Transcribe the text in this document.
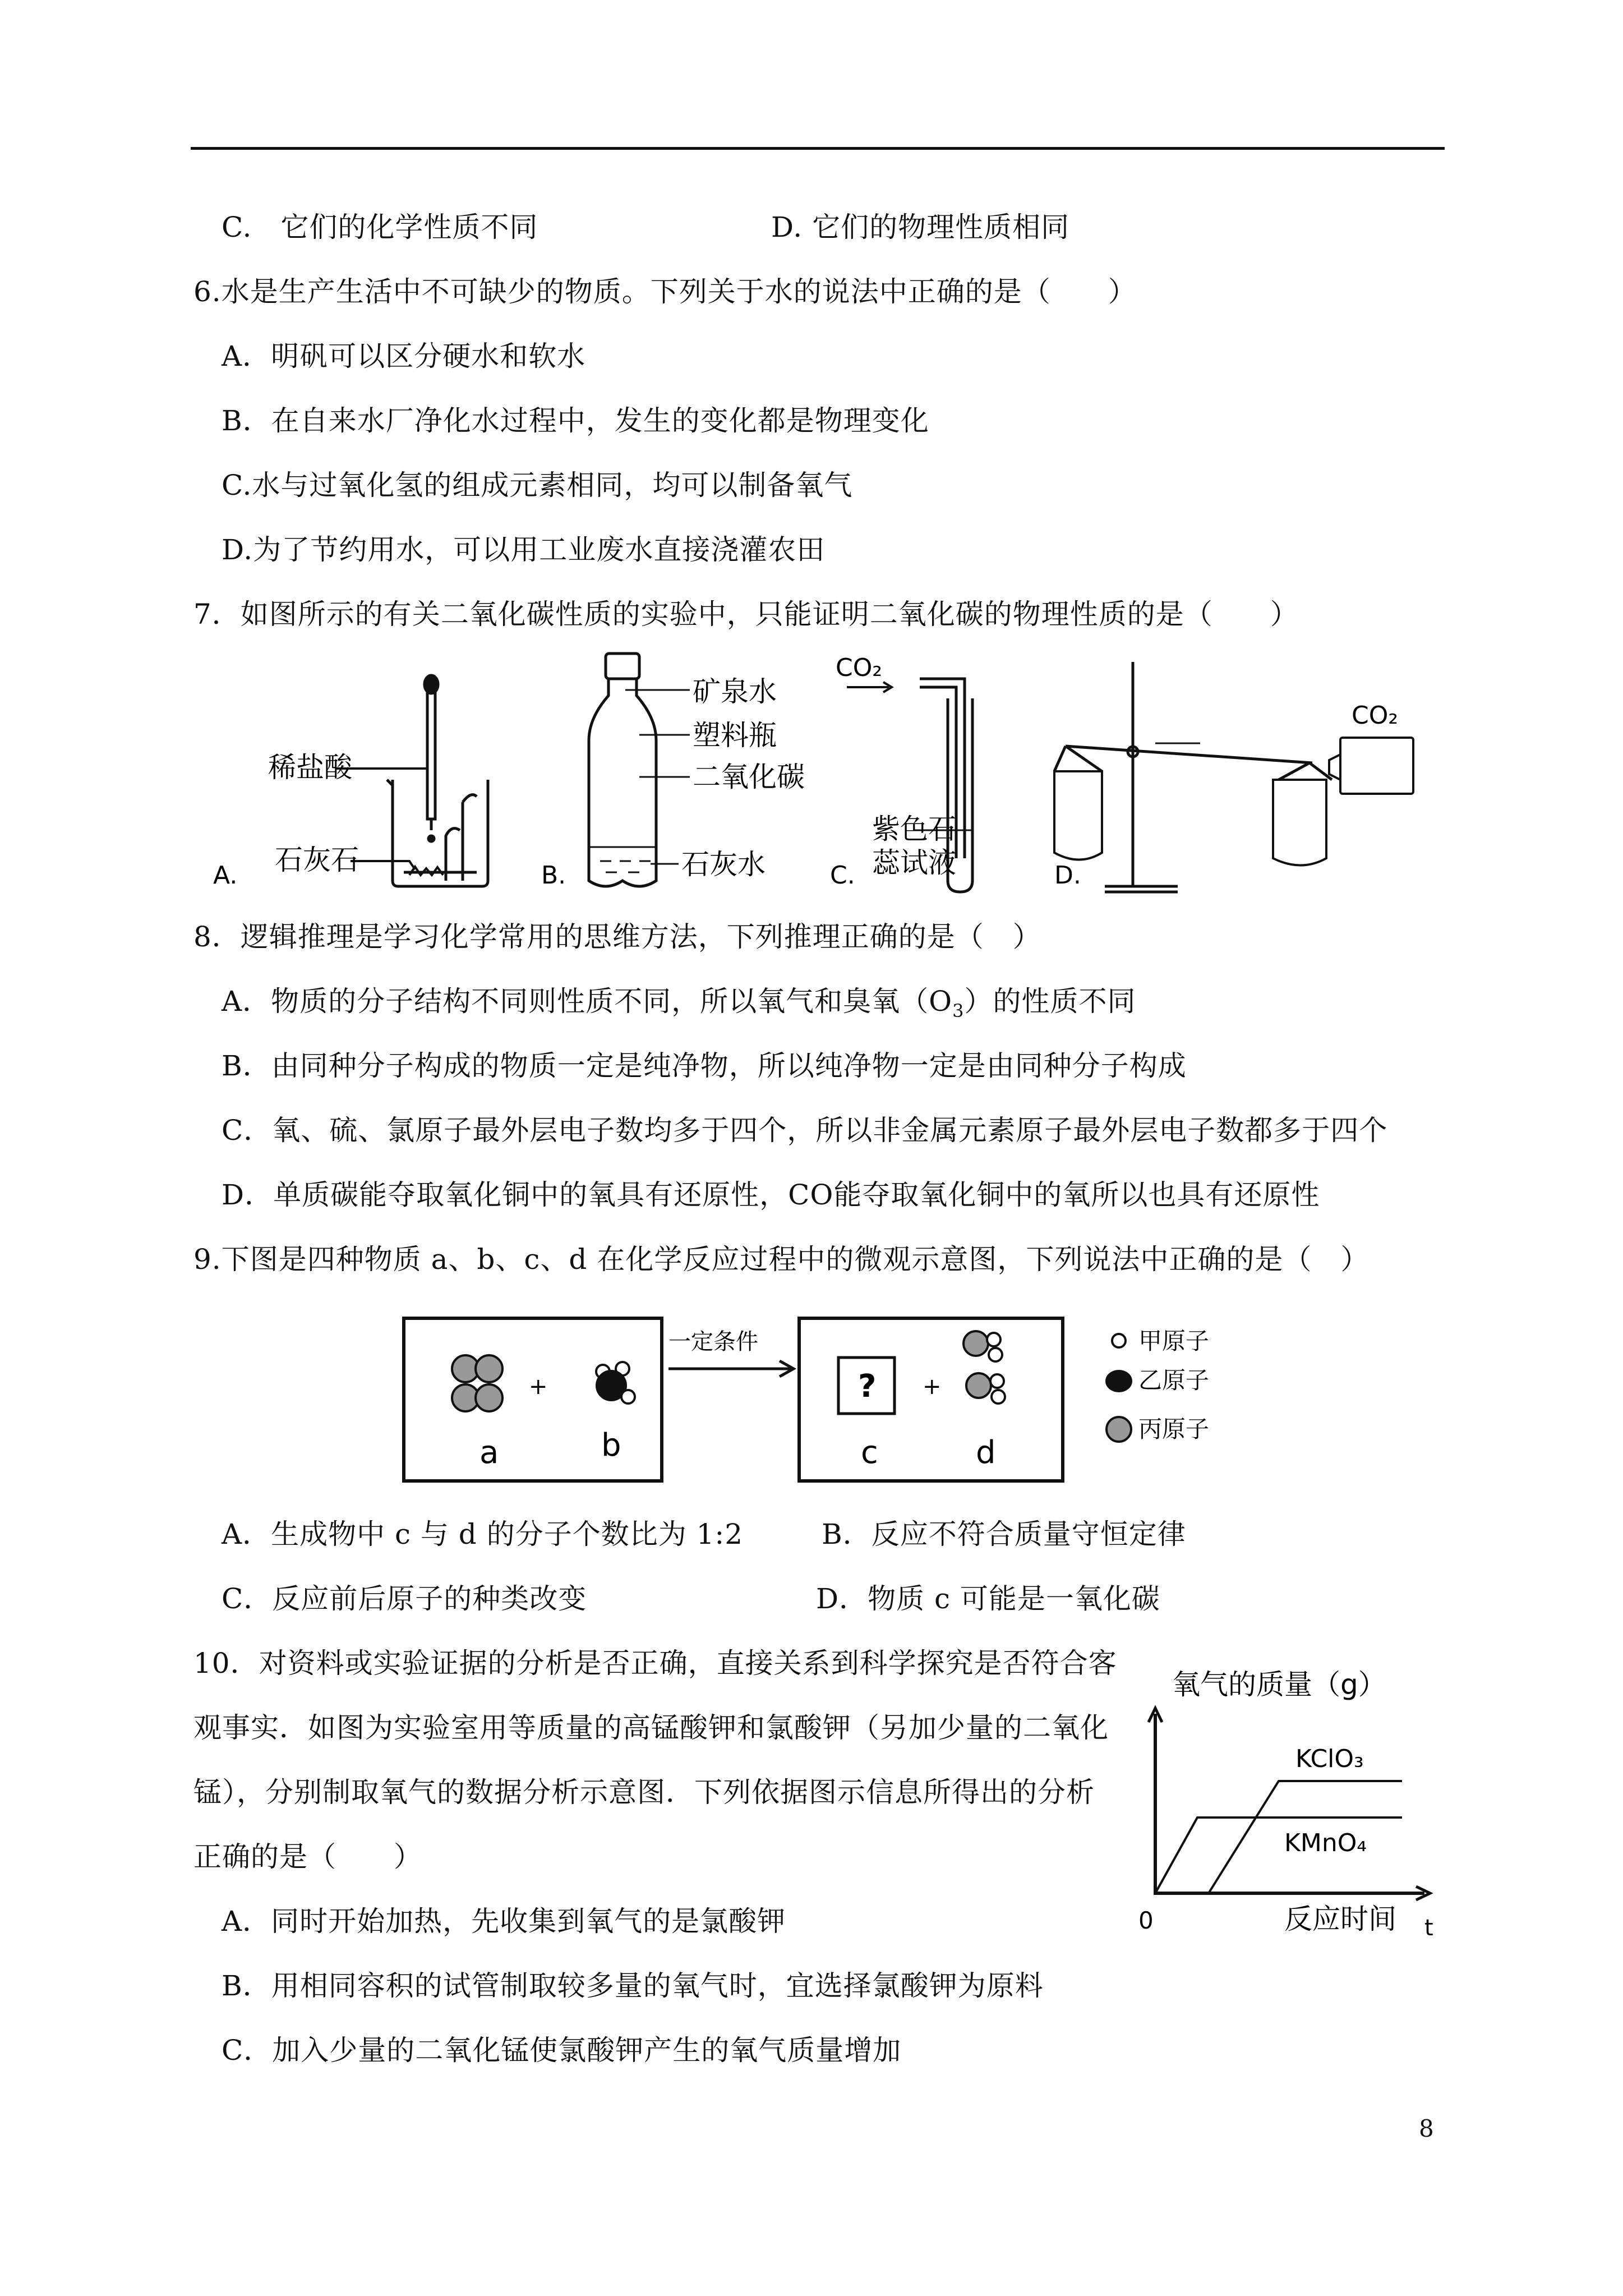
C.　它们的化学性质不同	D. 它们的物理性质相同
6.水是生产生活中不可缺少的物质。下列关于水的说法中正确的是（　　）
A．明矾可以区分硬水和软水
B．在自来水厂净化水过程中，发生的变化都是物理变化
C.水与过氧化氢的组成元素相同，均可以制备氧气
D.为了节约用水，可以用工业废水直接浇灌农田
7．如图所示的有关二氧化碳性质的实验中，只能证明二氧化碳的物理性质的是（　　）
稀盐酸
石灰石
A.
矿泉水
塑料瓶
二氧化碳
石灰水
B.
CO₂
紫色石
蕊试液
C.
CO₂
D.
8．逻辑推理是学习化学常用的思维方法，下列推理正确的是（　）
A．物质的分子结构不同则性质不同，所以氧气和臭氧$(O_3)$的性质不同
B．由同种分子构成的物质一定是纯净物，所以纯净物一定是由同种分子构成
C．氧、硫、氯原子最外层电子数均多于四个，所以非金属元素原子最外层电子数都多于四个
D．单质碳能夺取氧化铜中的氧具有还原性，CO能夺取氧化铜中的氧所以也具有还原性
9.下图是四种物质 a、b、c、d 在化学反应过程中的微观示意图，下列说法中正确的是（　）
+
a	b
一定条件
? +
c	d
甲原子
乙原子
丙原子
A．生成物中 c 与 d 的分子个数比为 1:2	B．反应不符合质量守恒定律
C．反应前后原子的种类改变	D．物质 c 可能是一氧化碳
10．对资料或实验证据的分析是否正确，直接关系到科学探究是否符合客
观事实．如图为实验室用等质量的高锰酸钾和氯酸钾（另加少量的二氧化
锰），分别制取氧气的数据分析示意图．下列依据图示信息所得出的分析
正确的是（　　）
A．同时开始加热，先收集到氧气的是氯酸钾
B．用相同容积的试管制取较多量的氧气时，宜选择氯酸钾为原料
C．加入少量的二氧化锰使氯酸钾产生的氧气质量增加
氧气的质量（g）
KClO₃
KMnO₄
0	反应时间 t
8
